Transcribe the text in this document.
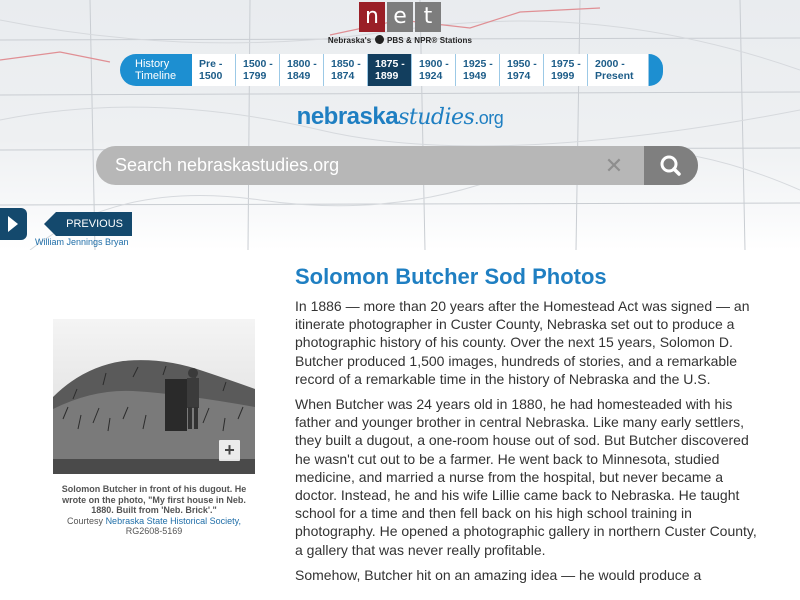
n e t
Nebraska's PBS & NPR® Stations
History
Timeline
Pre -
1500
1500 -
1799
1800 -
1849
1850 -
1874
1875 -
1899
1900 -
1924
1925 -
1949
1950 -
1974
1975 -
1999
2000 -
Present
nebraskastudies.org
Search nebraskastudies.org
✕
PREVIOUS
William Jennings Bryan
+
Solomon Butcher in front of his dugout. He wrote on the photo, "My first house in Neb. 1880. Built from 'Neb. Brick'."
Courtesy Nebraska State Historical Society,
RG2608-5169
Solomon Butcher Sod Photos

In 1886 — more than 20 years after the Homestead Act was signed — an itinerate photographer in Custer County, Nebraska set out to produce a photographic history of his county. Over the next 15 years, Solomon D. Butcher produced 1,500 images, hundreds of stories, and a remarkable record of a remarkable time in the history of Nebraska and the U.S.

When Butcher was 24 years old in 1880, he had homesteaded with his father and younger brother in central Nebraska. Like many early settlers, they built a dugout, a one-room house out of sod. But Butcher discovered he wasn't cut out to be a farmer. He went back to Minnesota, studied medicine, and married a nurse from the hospital, but never became a doctor. Instead, he and his wife Lillie came back to Nebraska. He taught school for a time and then fell back on his high school training in photography. He opened a photographic gallery in northern Custer County, a gallery that was never really profitable.

Somehow, Butcher hit on an amazing idea — he would produce a
